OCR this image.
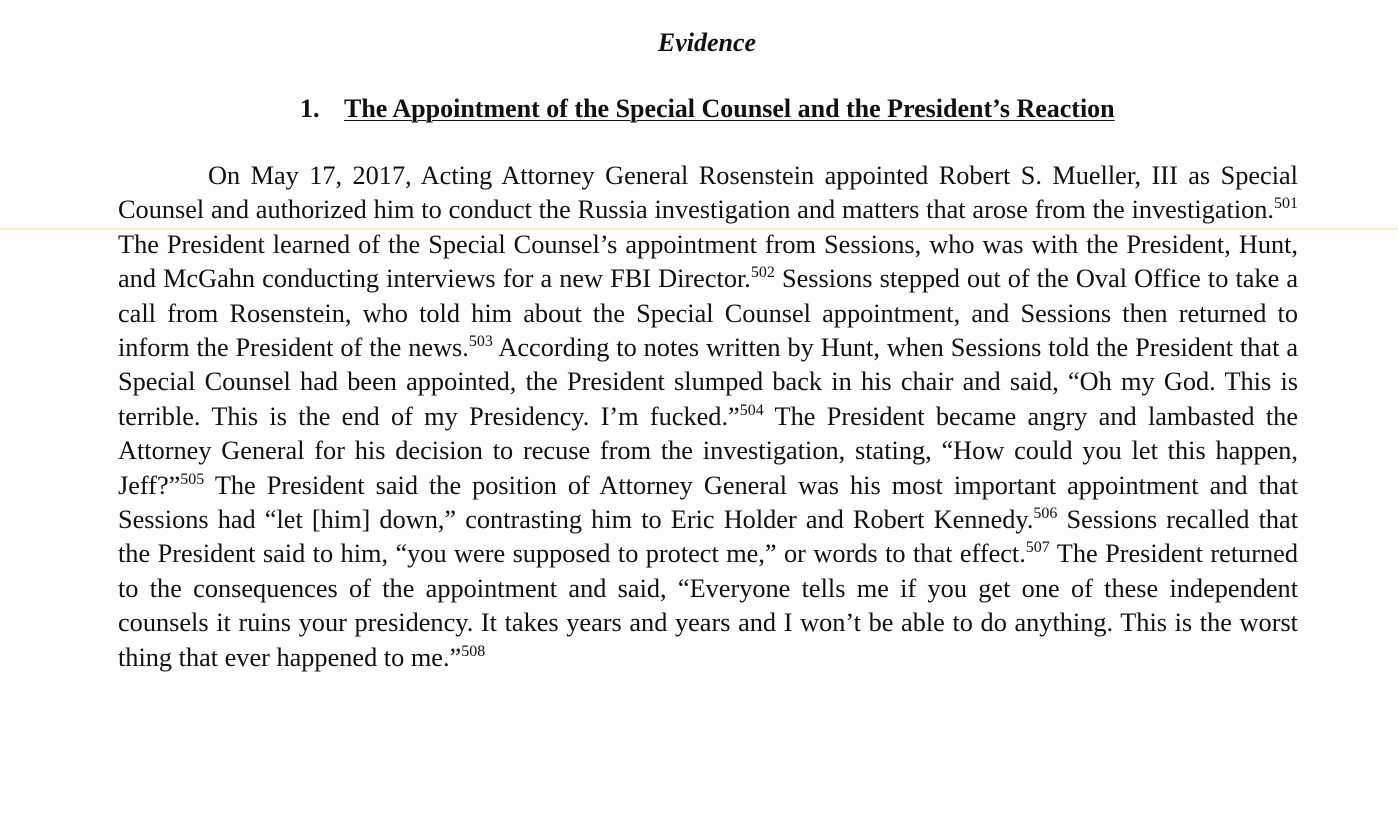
Evidence
1. The Appointment of the Special Counsel and the President’s Reaction

On May 17, 2017, Acting Attorney General Rosenstein appointed Robert S. Mueller, III as Special Counsel and authorized him to conduct the Russia investigation and matters that arose from the investigation.$^{501}$ The President learned of the Special Counsel’s appointment from Sessions, who was with the President, Hunt, and McGahn conducting interviews for a new FBI Director.$^{502}$ Sessions stepped out of the Oval Office to take a call from Rosenstein, who told him about the Special Counsel appointment, and Sessions then returned to inform the President of the news.$^{503}$ According to notes written by Hunt, when Sessions told the President that a Special Counsel had been appointed, the President slumped back in his chair and said, “Oh my God. This is terrible. This is the end of my Presidency. I’m fucked.”$^{504}$ The President became angry and lambasted the Attorney General for his decision to recuse from the investigation, stating, “How could you let this happen, Jeff?”$^{505}$ The President said the position of Attorney General was his most important appointment and that Sessions had “let [him] down,” contrasting him to Eric Holder and Robert Kennedy.$^{506}$ Sessions recalled that the President said to him, “you were supposed to protect me,” or words to that effect.$^{507}$ The President returned to the consequences of the appointment and said, “Everyone tells me if you get one of these independent counsels it ruins your presidency. It takes years and years and I won’t be able to do anything. This is the worst thing that ever happened to me.”$^{508}$
